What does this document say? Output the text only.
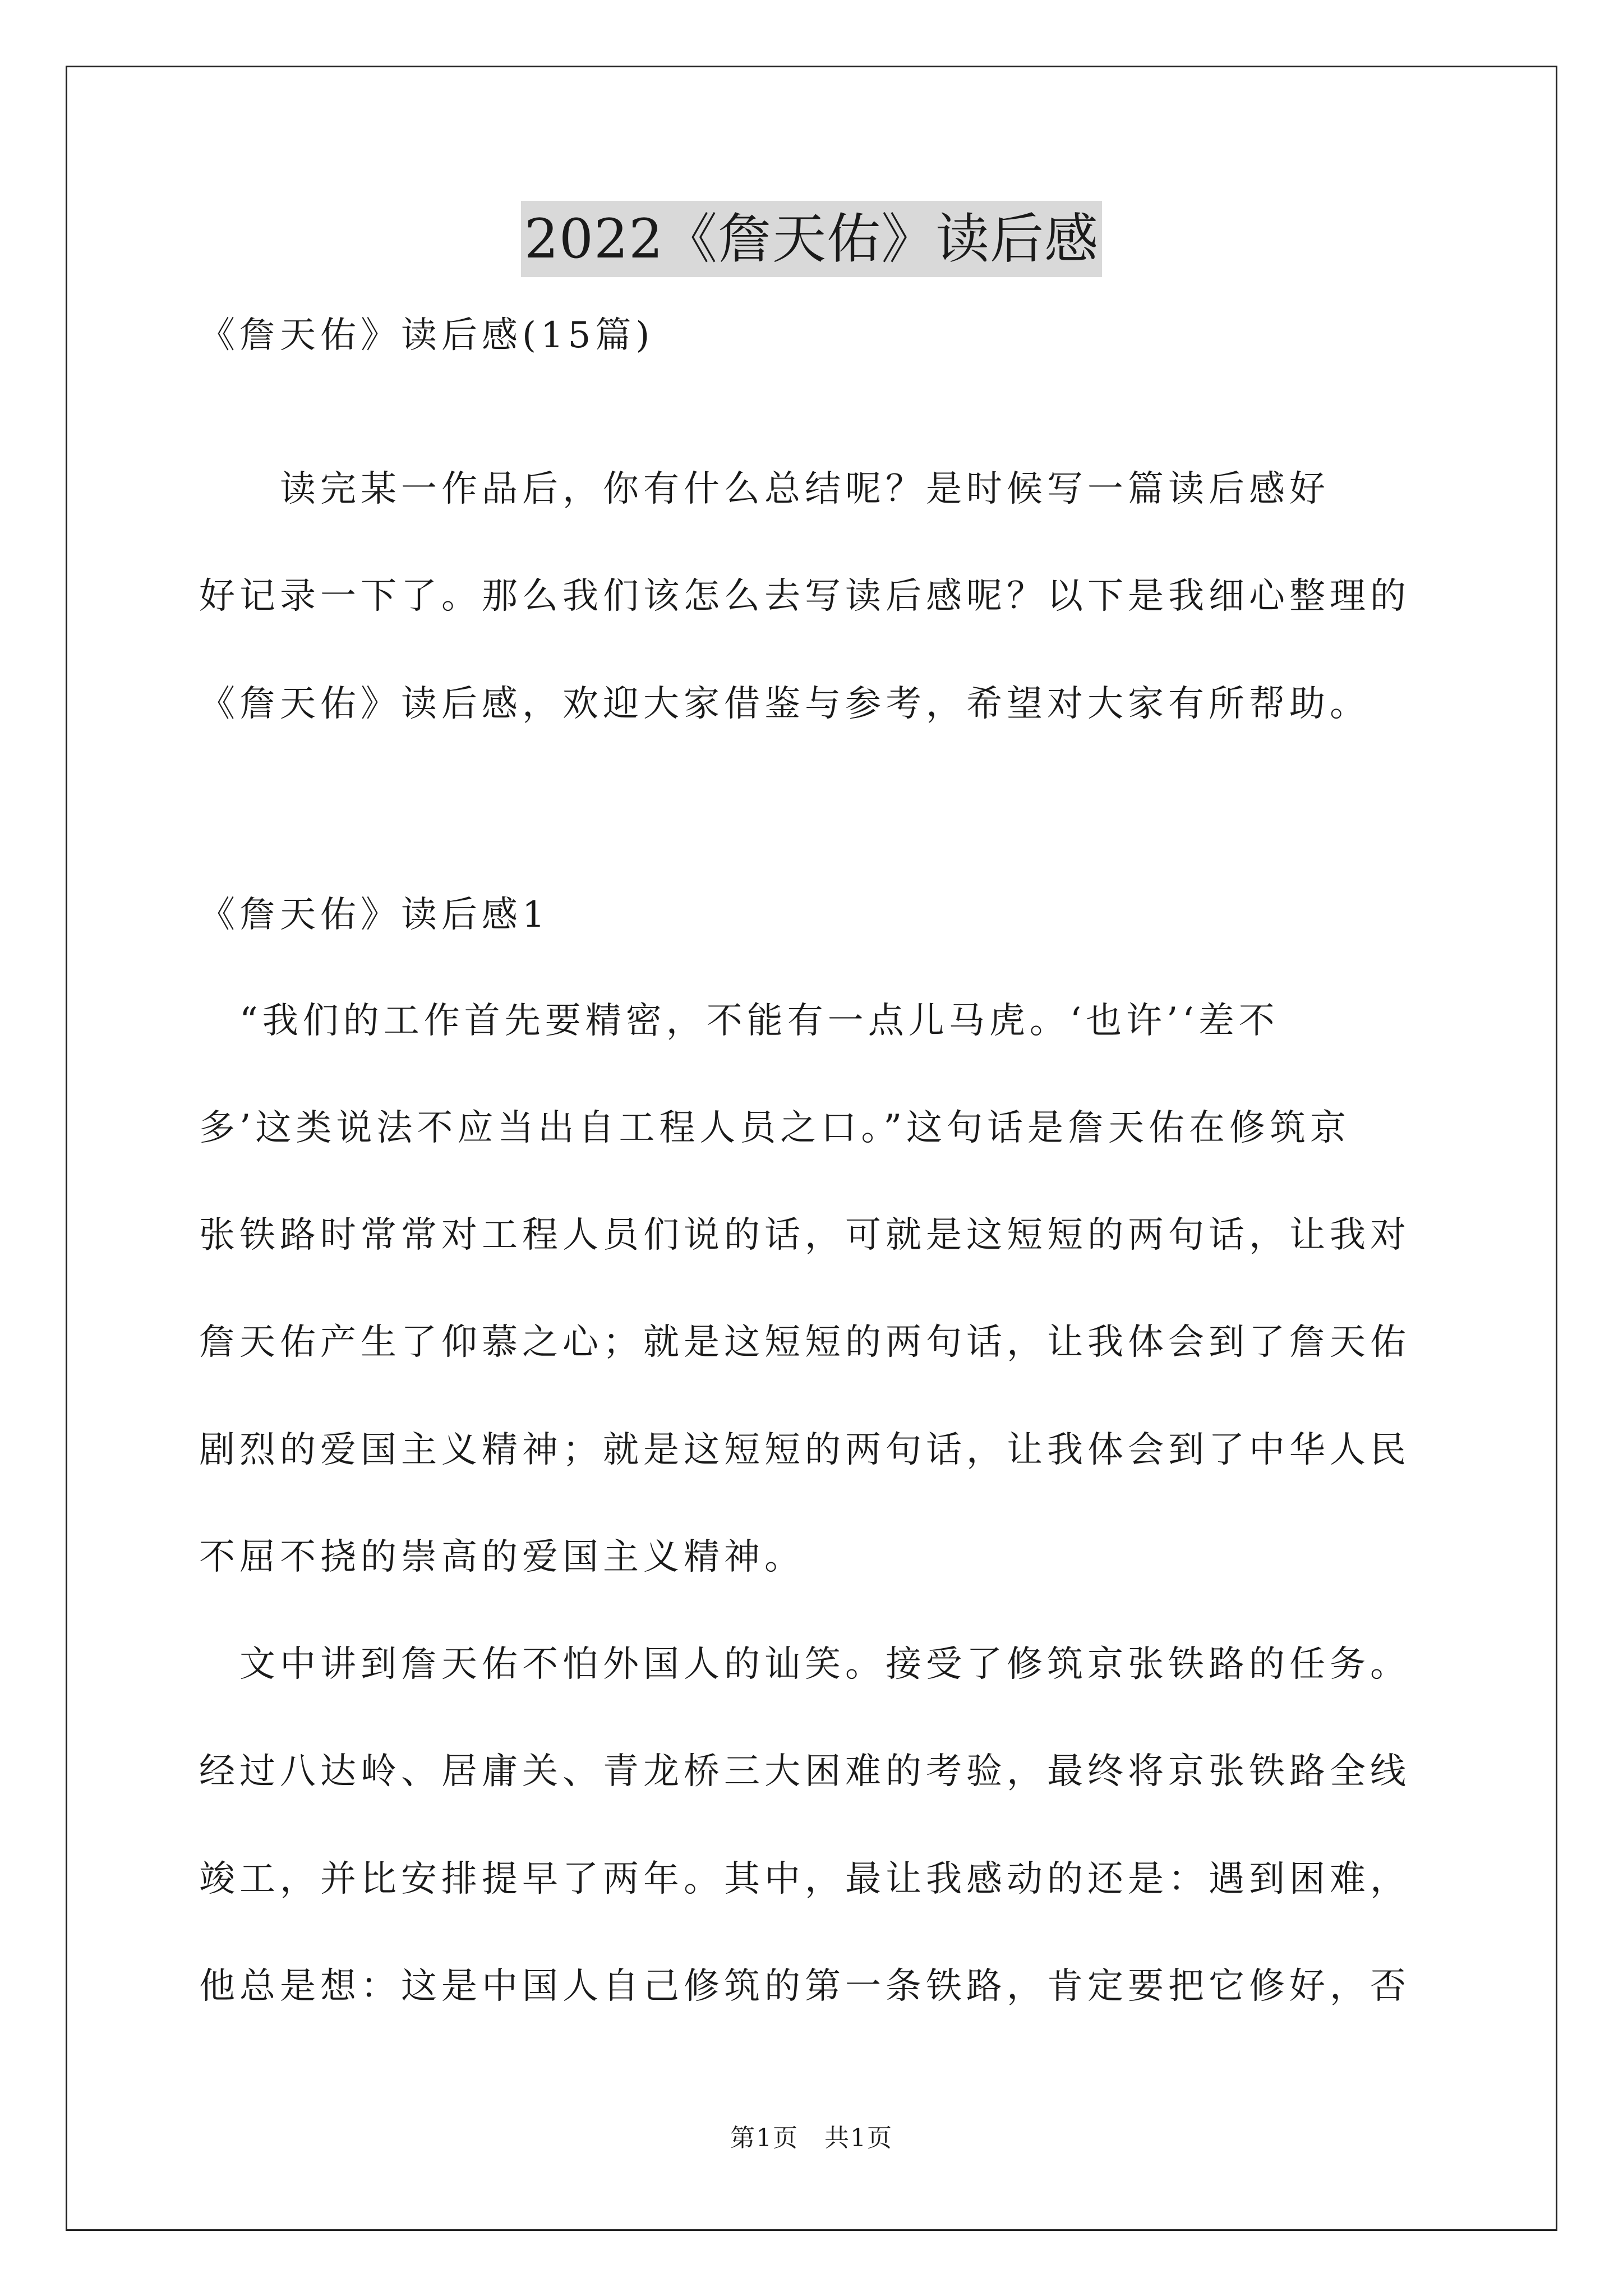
2022《詹天佑》读后感
《詹天佑》读后感(15篇)
　　读完某一作品后，你有什么总结呢？是时候写一篇读后感好
好记录一下了。那么我们该怎么去写读后感呢？以下是我细心整理的
《詹天佑》读后感，欢迎大家借鉴与参考，希望对大家有所帮助。
《詹天佑》读后感1
　“我们的工作首先要精密，不能有一点儿马虎。‘也许’‘差不
多’这类说法不应当出自工程人员之口。”这句话是詹天佑在修筑京
张铁路时常常对工程人员们说的话，可就是这短短的两句话，让我对
詹天佑产生了仰慕之心；就是这短短的两句话，让我体会到了詹天佑
剧烈的爱国主义精神；就是这短短的两句话，让我体会到了中华人民
不屈不挠的崇高的爱国主义精神。
　文中讲到詹天佑不怕外国人的讪笑。接受了修筑京张铁路的任务。
经过八达岭、居庸关、青龙桥三大困难的考验，最终将京张铁路全线
竣工，并比安排提早了两年。其中，最让我感动的还是：遇到困难，
他总是想：这是中国人自己修筑的第一条铁路，肯定要把它修好，否
第1页　共1页
